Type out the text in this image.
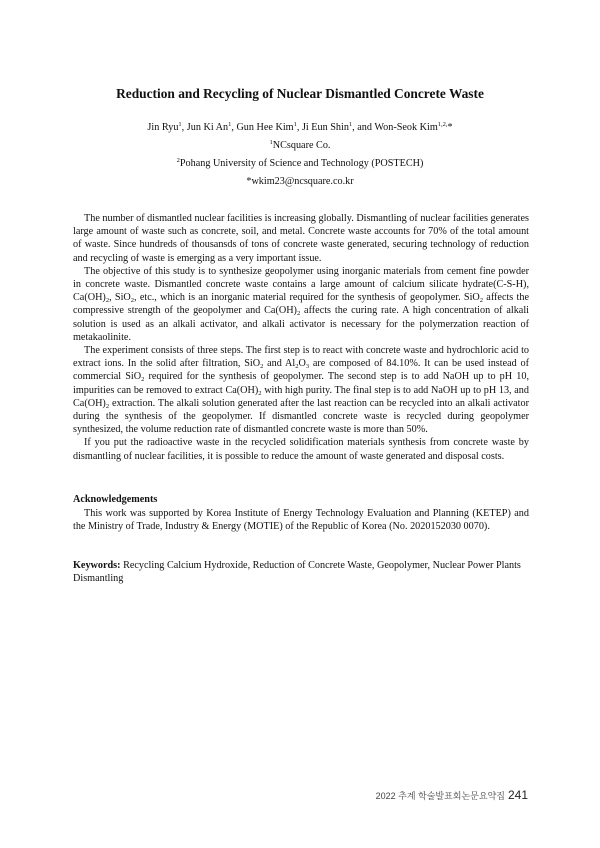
Reduction and Recycling of Nuclear Dismantled Concrete Waste
Jin Ryu$^1$, Jun Ki An$^1$, Gun Hee Kim$^1$, Ji Eun Shin$^1$, and Won-Seok Kim$^{1,2,}$*
$^1$NCsquare Co.
$^2$Pohang University of Science and Technology (POSTECH)
*wkim23@ncsquare.co.kr

The number of dismantled nuclear facilities is increasing globally. Dismantling of nuclear facilities generates large amount of waste such as concrete, soil, and metal. Concrete waste accounts for 70% of the total amount of waste. Since hundreds of thousansds of tons of concrete waste generated, securing technology of reduction and recycling of waste is emerging as a very important issue.

The objective of this study is to synthesize geopolymer using inorganic materials from cement fine powder in concrete waste. Dismantled concrete waste contains a large amount of calcium silicate hydrate(C-S-H), $Ca(OH)_2$, SiO$_2$, etc., which is an inorganic material required for the synthesis of geopolymer. SiO$_2$ affects the compressive strength of the geopolymer and $Ca(OH)_2$ affects the curing rate. A high concentration of alkali solution is used as an alkali activator, and alkali activator is necessary for the polymerzation reaction of metakaolinite.

The experiment consists of three steps. The first step is to react with concrete waste and hydrochloric acid to extract ions. In the solid after filtration, SiO$_2$ and $Al_2O_3$ are composed of 84.10%. It can be used instead of commercial SiO$_2$ required for the synthesis of geopolymer. The second step is to add NaOH up to pH 10, impurities can be removed to extract $Ca(OH)_2$ with high purity. The final step is to add NaOH up to pH 13, and $Ca(OH)_2$ extraction. The alkali solution generated after the last reaction can be recycled into an alkali activator during the synthesis of the geopolymer. If dismantled concrete waste is recycled during geopolymer synthesized, the volume reduction rate of dismantled concrete waste is more than 50%.

If you put the radioactive waste in the recycled solidification materials synthesis from concrete waste by dismantling of nuclear facilities, it is possible to reduce the amount of waste generated and disposal costs.

Acknowledgements

This work was supported by Korea Institute of Energy Technology Evaluation and Planning (KETEP) and the Ministry of Trade, Industry & Energy (MOTIE) of the Republic of Korea (No. 2020152030 0070).

Keywords: Recycling Calcium Hydroxide, Reduction of Concrete Waste, Geopolymer, Nuclear Power Plants Dismantling

2022 추계 학술발표회논문요약집 241
